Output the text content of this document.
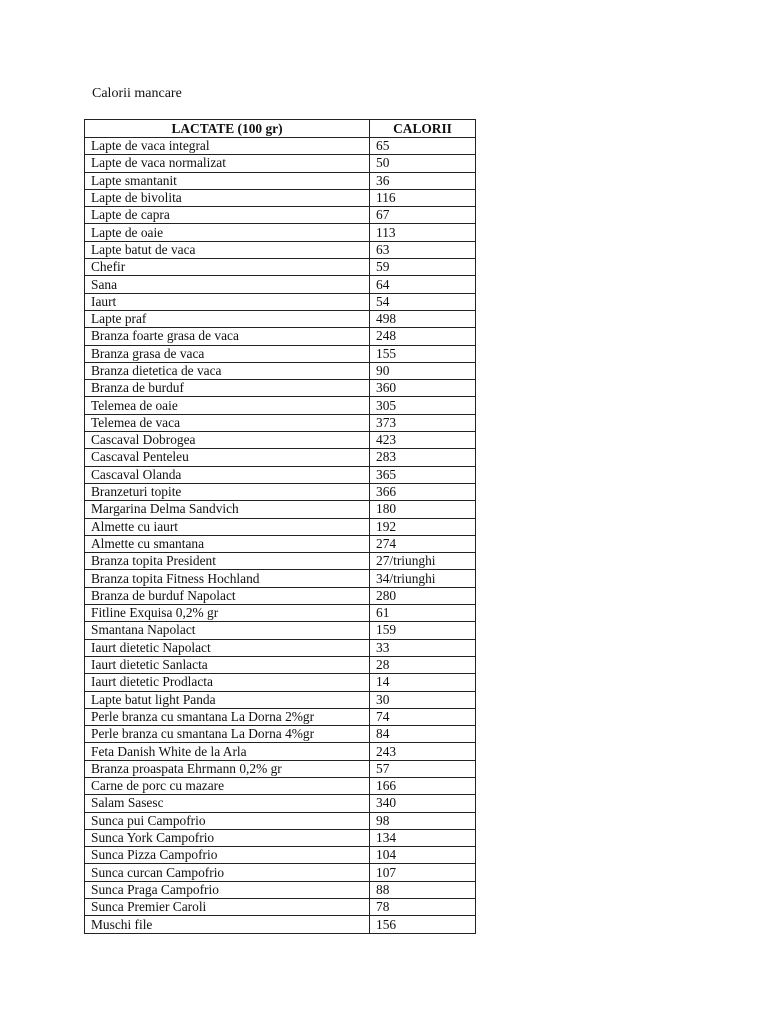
Calorii mancare
LACTATE (100 gr)	CALORII
Lapte de vaca integral	65
Lapte de vaca normalizat	50
Lapte smantanit	36
Lapte de bivolita	116
Lapte de capra	67
Lapte de oaie	113
Lapte batut de vaca	63
Chefir	59
Sana	64
Iaurt	54
Lapte praf	498
Branza foarte grasa de vaca	248
Branza grasa de vaca	155
Branza dietetica de vaca	90
Branza de burduf	360
Telemea de oaie	305
Telemea de vaca	373
Cascaval Dobrogea	423
Cascaval Penteleu	283
Cascaval Olanda	365
Branzeturi topite	366
Margarina Delma Sandvich	180
Almette cu iaurt	192
Almette cu smantana	274
Branza topita President	27/triunghi
Branza topita Fitness Hochland	34/triunghi
Branza de burduf Napolact	280
Fitline Exquisa 0,2% gr	61
Smantana Napolact	159
Iaurt dietetic Napolact	33
Iaurt dietetic Sanlacta	28
Iaurt dietetic Prodlacta	14
Lapte batut light Panda	30
Perle branza cu smantana La Dorna 2%gr	74
Perle branza cu smantana La Dorna 4%gr	84
Feta Danish White de la Arla	243
Branza proaspata Ehrmann 0,2% gr	57
Carne de porc cu mazare	166
Salam Sasesc	340
Sunca pui Campofrio	98
Sunca York Campofrio	134
Sunca Pizza Campofrio	104
Sunca curcan Campofrio	107
Sunca Praga Campofrio	88
Sunca Premier Caroli	78
Muschi file	156
